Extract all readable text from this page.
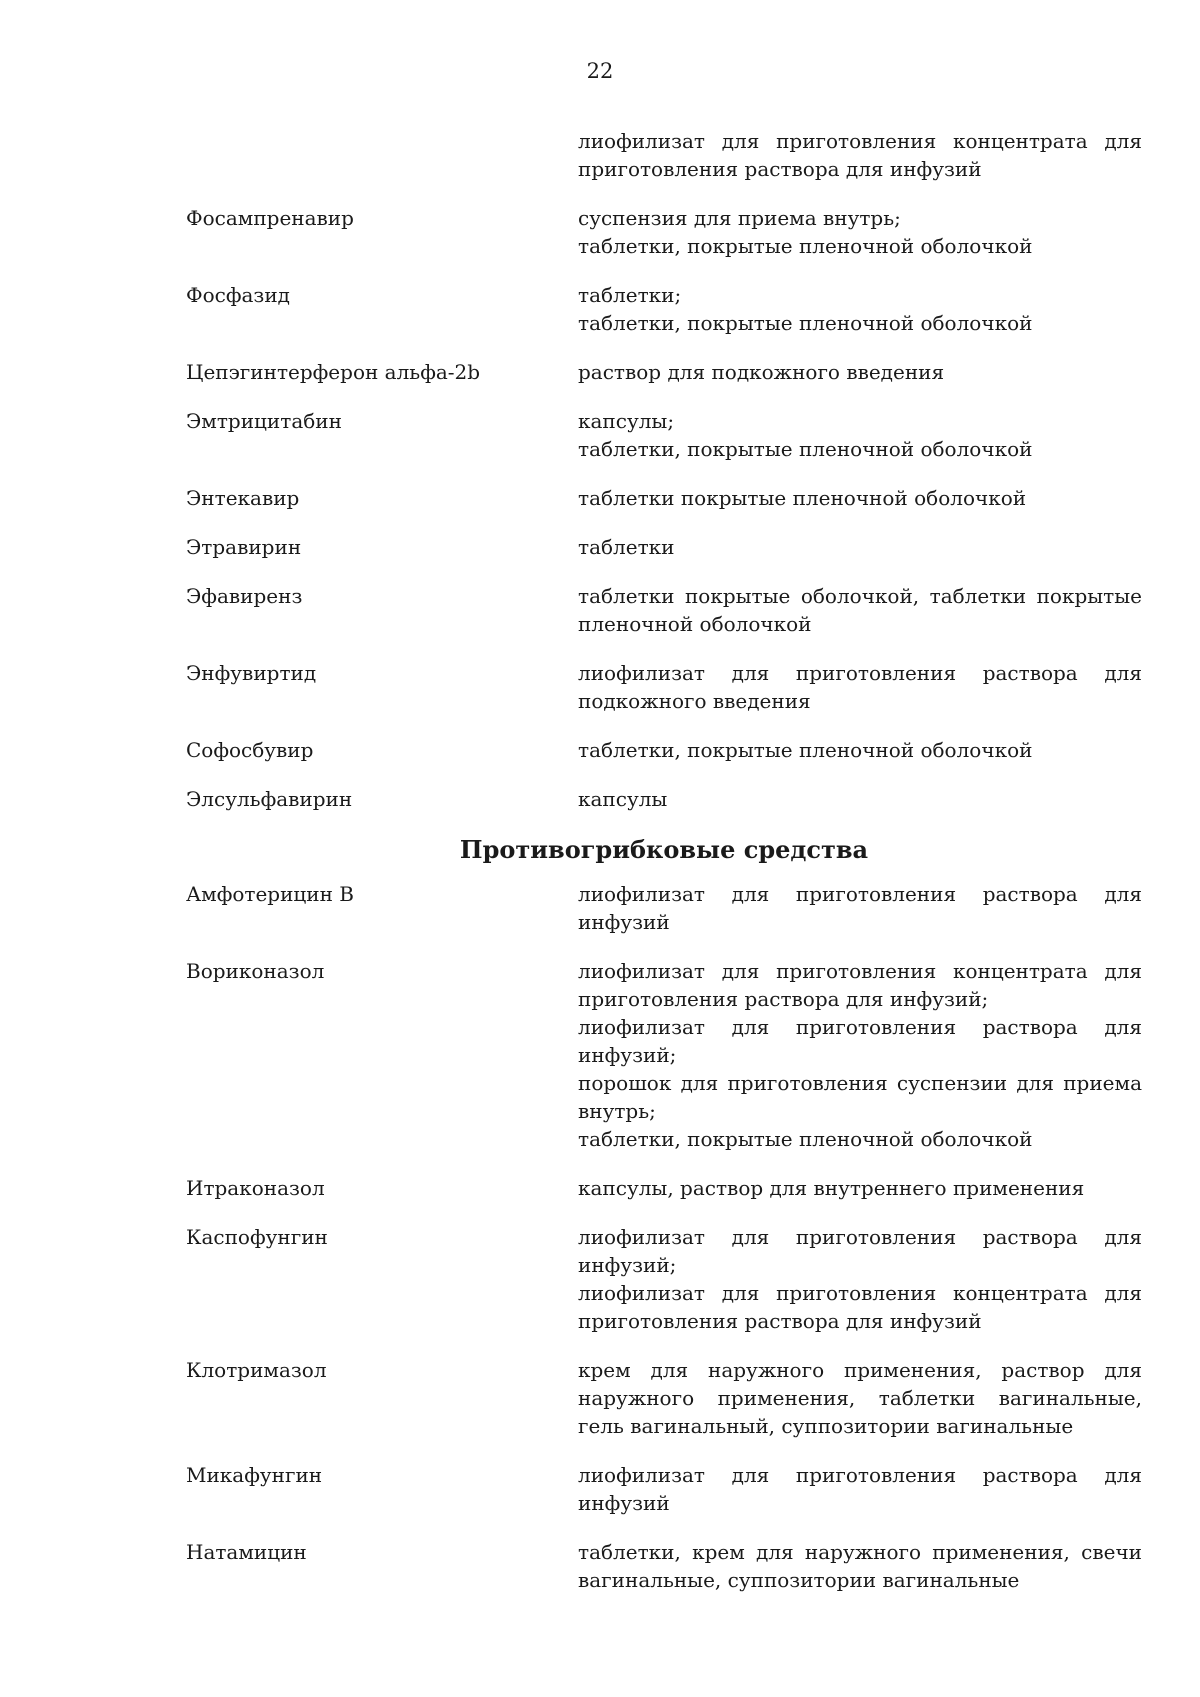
22
лиофилизат для приготовления концентрата для приготовления раствора для инфузий
Фосампренавир	суспензия для приема внутрь;
таблетки, покрытые пленочной оболочкой
Фосфазид	таблетки;
таблетки, покрытые пленочной оболочкой
Цепэгинтерферон альфа-2b	раствор для подкожного введения
Эмтрицитабин	капсулы;
таблетки, покрытые пленочной оболочкой
Энтекавир	таблетки покрытые пленочной оболочкой
Этравирин	таблетки
Эфавиренз	таблетки покрытые оболочкой, таблетки покрытые пленочной оболочкой
Энфувиртид	лиофилизат для приготовления раствора для подкожного введения
Софосбувир	таблетки, покрытые пленочной оболочкой
Элсульфавирин	капсулы
Противогрибковые средства
Амфотерицин В	лиофилизат для приготовления раствора для инфузий
Вориконазол	лиофилизат для приготовления концентрата для приготовления раствора для инфузий;
лиофилизат для приготовления раствора для инфузий;
порошок для приготовления суспензии для приема внутрь;
таблетки, покрытые пленочной оболочкой
Итраконазол	капсулы, раствор для внутреннего применения
Каспофунгин	лиофилизат для приготовления раствора для инфузий;
лиофилизат для приготовления концентрата для приготовления раствора для инфузий
Клотримазол	крем для наружного применения, раствор для наружного применения, таблетки вагинальные, гель вагинальный, суппозитории вагинальные
Микафунгин	лиофилизат для приготовления раствора для инфузий
Натамицин	таблетки, крем для наружного применения, свечи вагинальные, суппозитории вагинальные
